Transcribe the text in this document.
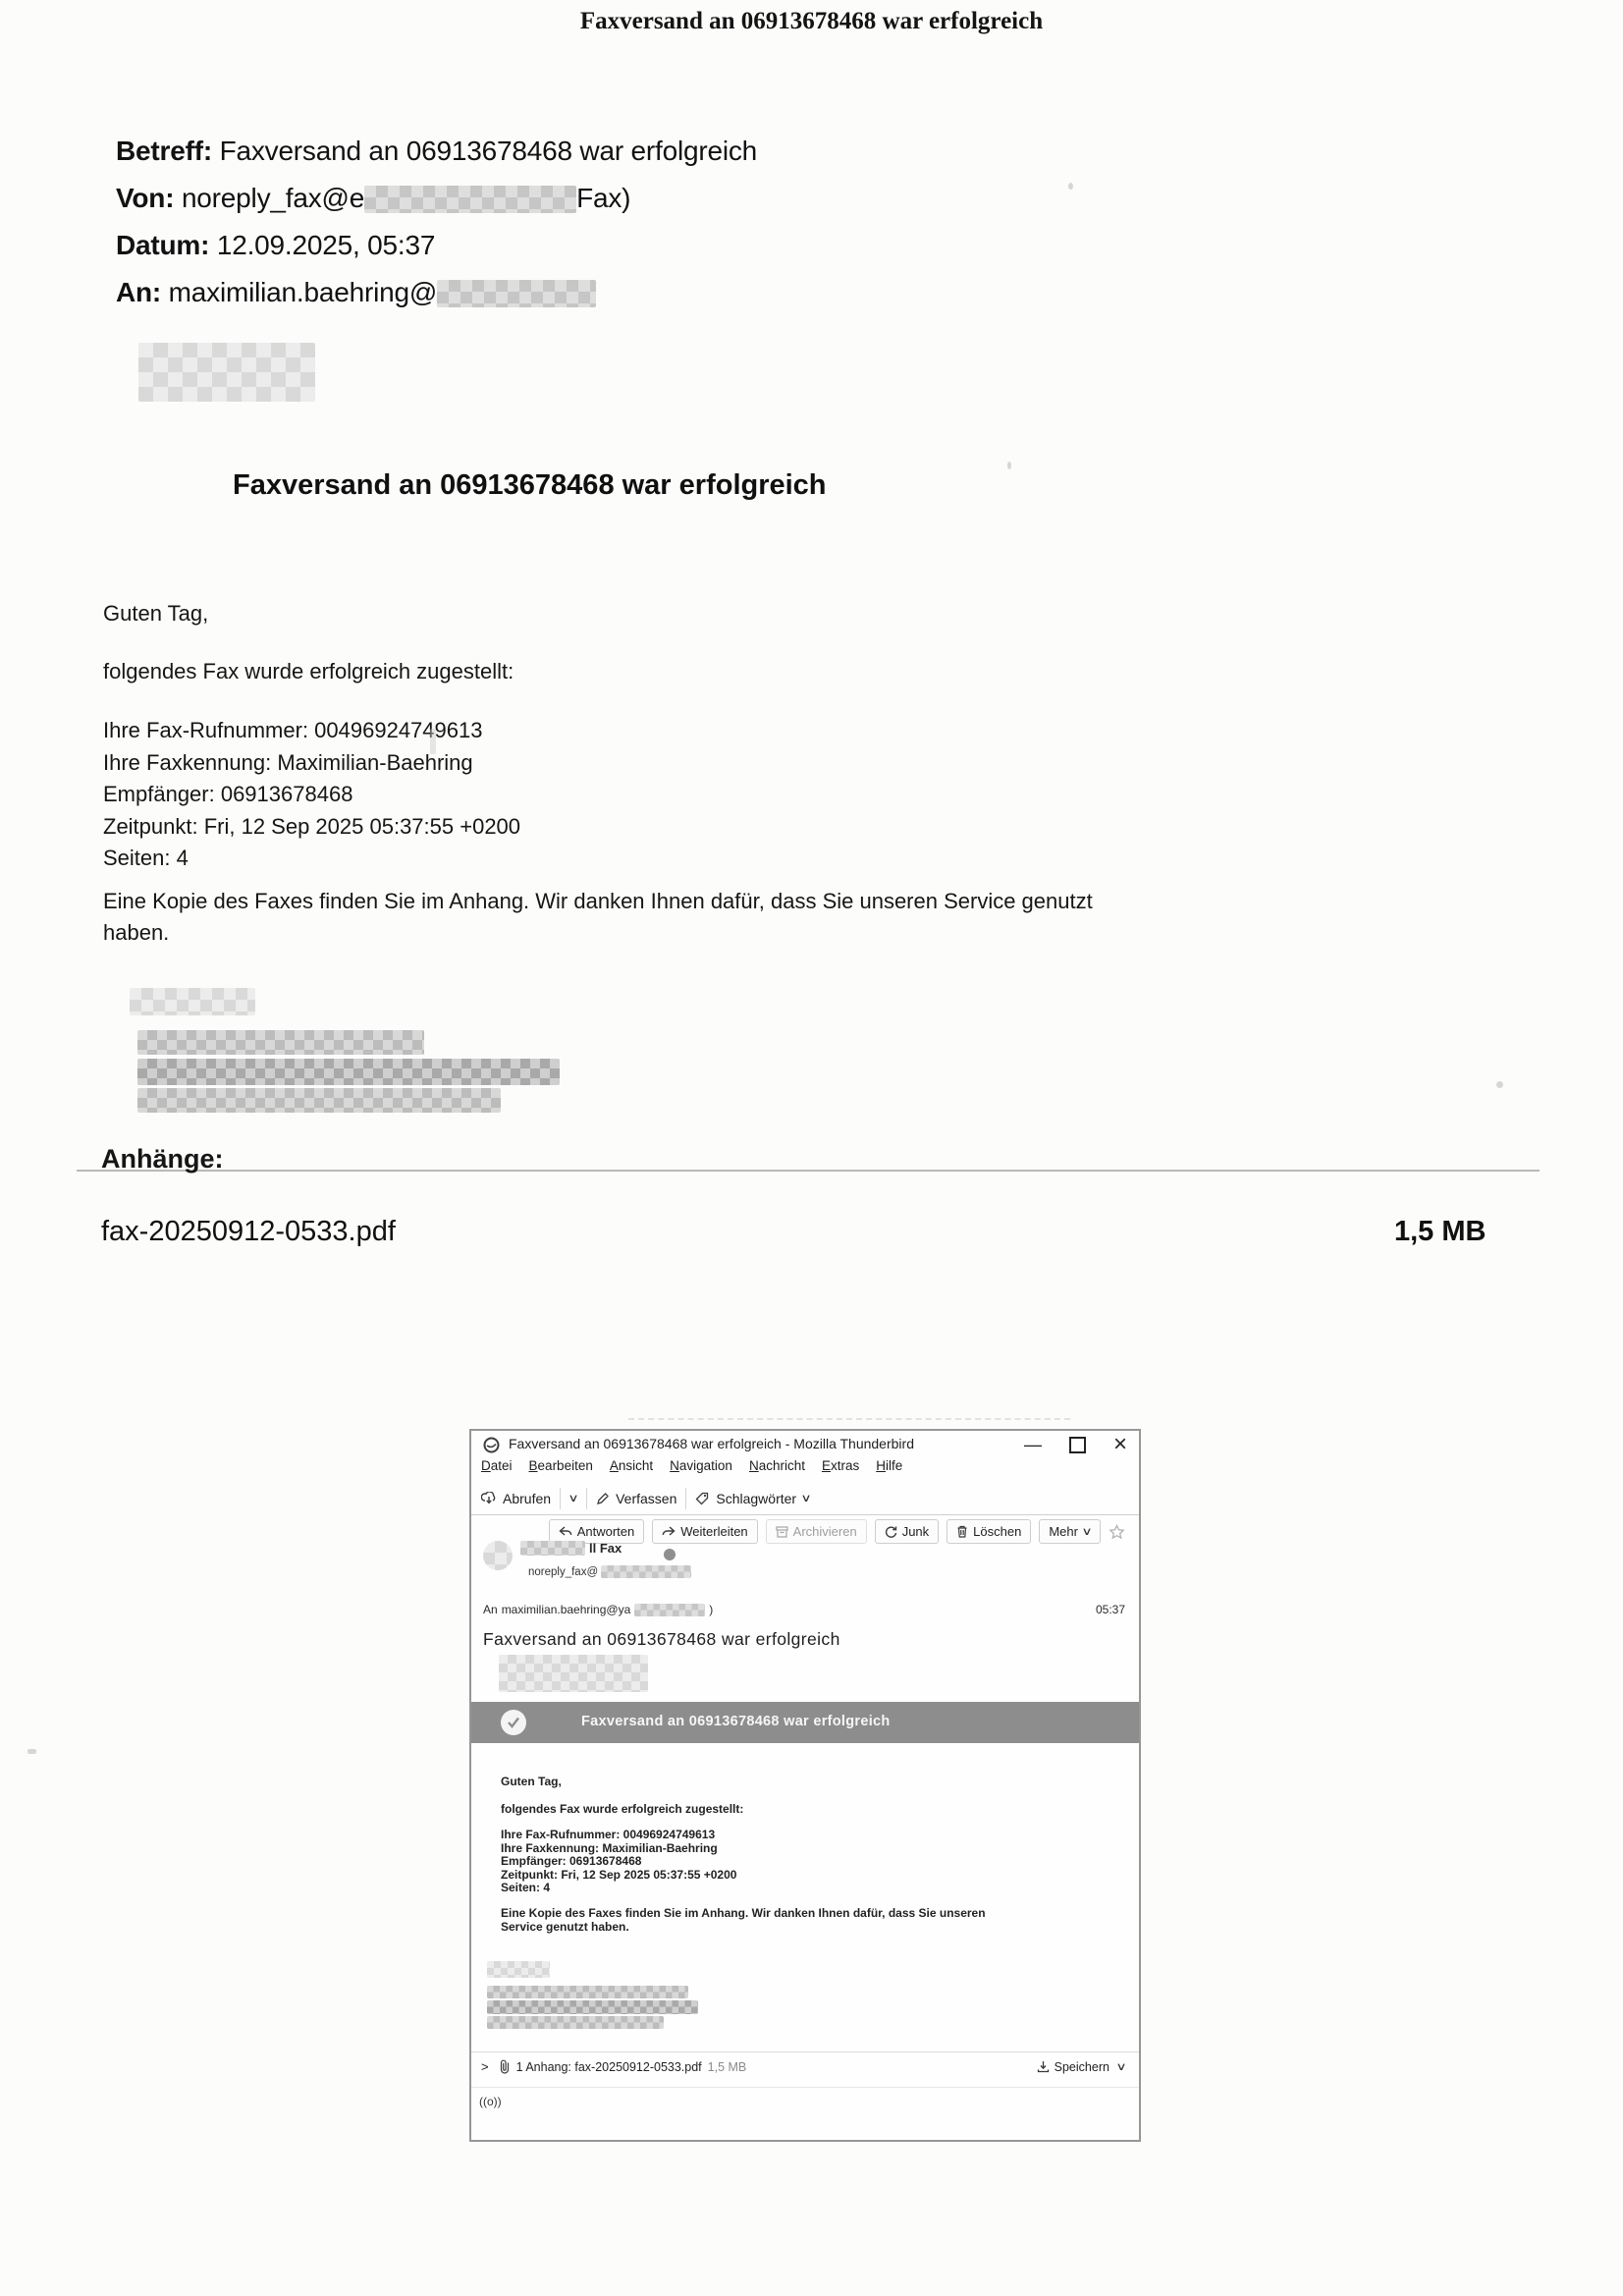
Faxversand an 06913678468 war erfolgreich
Betreff: Faxversand an 06913678468 war erfolgreich
Von: noreply_fax@e	Fax)
Datum: 12.09.2025, 05:37
An: maximilian.baehring@
Faxversand an 06913678468 war erfolgreich
Guten Tag,
folgendes Fax wurde erfolgreich zugestellt:
Ihre Fax-Rufnummer: 00496924749613
Ihre Faxkennung: Maximilian-Baehring
Empfänger: 06913678468
Zeitpunkt: Fri, 12 Sep 2025 05:37:55 +0200
Seiten: 4
Eine Kopie des Faxes finden Sie im Anhang. Wir danken Ihnen dafür, dass Sie unseren Service genutzt
haben.
Anhänge:
fax-20250912-0533.pdf	1,5 MB
Faxversand an 06913678468 war erfolgreich - Mozilla Thunderbird	—	×
Datei Bearbeiten Ansicht Navigation Nachricht Extras Hilfe
Abrufen ∨	Verfassen	Schlagwörter ∨
Antworten	Weiterleiten	Archivieren	Junk	Löschen Mehr ∨
ll Fax
noreply_fax@
An maximilian.baehring@ya	)	05:37
Faxversand an 06913678468 war erfolgreich
Faxversand an 06913678468 war erfolgreich
Guten Tag,
folgendes Fax wurde erfolgreich zugestellt:
Ihre Fax-Rufnummer: 00496924749613
Ihre Faxkennung: Maximilian-Baehring
Empfänger: 06913678468
Zeitpunkt: Fri, 12 Sep 2025 05:37:55 +0200
Seiten: 4
Eine Kopie des Faxes finden Sie im Anhang. Wir danken Ihnen dafür, dass Sie unseren
Service genutzt haben.
> 1 Anhang: fax-20250912-0533.pdf 1,5 MB	Speichern ∨
((o))
